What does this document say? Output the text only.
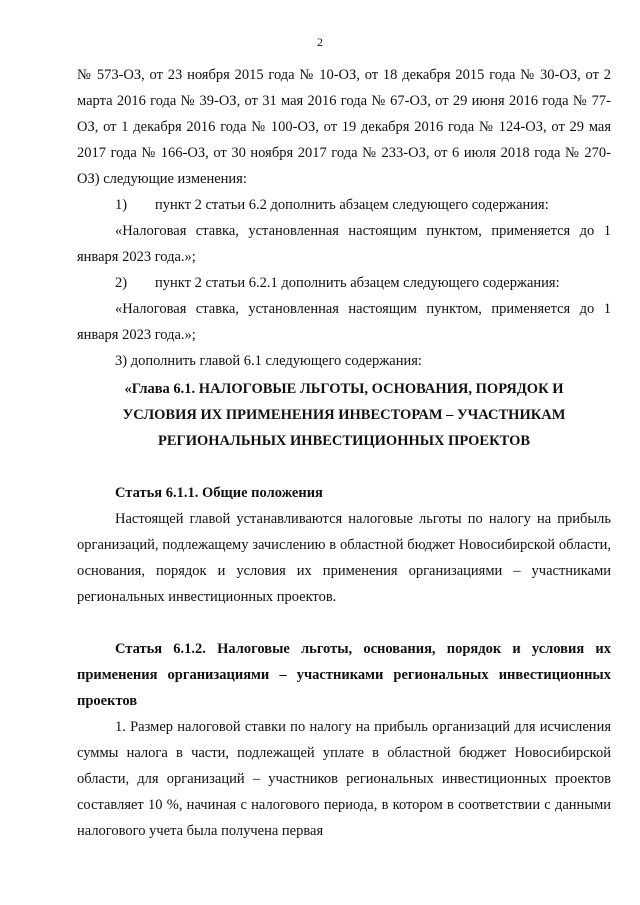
2

№ 573-ОЗ, от 23 ноября 2015 года № 10-ОЗ, от 18 декабря 2015 года № 30-ОЗ, от 2 марта 2016 года № 39-ОЗ, от 31 мая 2016 года № 67-ОЗ, от 29 июня 2016 года № 77-ОЗ, от 1 декабря 2016 года № 100-ОЗ, от 19 декабря 2016 года № 124-ОЗ, от 29 мая 2017 года № 166-ОЗ, от 30 ноября 2017 года № 233-ОЗ, от 6 июля 2018 года № 270-ОЗ) следующие изменения:

1) пункт 2 статьи 6.2 дополнить абзацем следующего содержания:

«Налоговая ставка, установленная настоящим пунктом, применяется до 1 января 2023 года.»;

2) пункт 2 статьи 6.2.1 дополнить абзацем следующего содержания:

«Налоговая ставка, установленная настоящим пунктом, применяется до 1 января 2023 года.»;

3) дополнить главой 6.1 следующего содержания:

«Глава 6.1. НАЛОГОВЫЕ ЛЬГОТЫ, ОСНОВАНИЯ, ПОРЯДОК И
УСЛОВИЯ ИХ ПРИМЕНЕНИЯ ИНВЕСТОРАМ – УЧАСТНИКАМ
РЕГИОНАЛЬНЫХ ИНВЕСТИЦИОННЫХ ПРОЕКТОВ

Статья 6.1.1. Общие положения

Настоящей главой устанавливаются налоговые льготы по налогу на прибыль организаций, подлежащему зачислению в областной бюджет Новосибирской области, основания, порядок и условия их применения организациями – участниками региональных инвестиционных проектов.

Статья 6.1.2. Налоговые льготы, основания, порядок и условия их применения организациями – участниками региональных инвестиционных проектов

1. Размер налоговой ставки по налогу на прибыль организаций для исчисления суммы налога в части, подлежащей уплате в областной бюджет Новосибирской области, для организаций – участников региональных инвестиционных проектов составляет 10 %, начиная с налогового периода, в котором в соответствии с данными налогового учета была получена первая
